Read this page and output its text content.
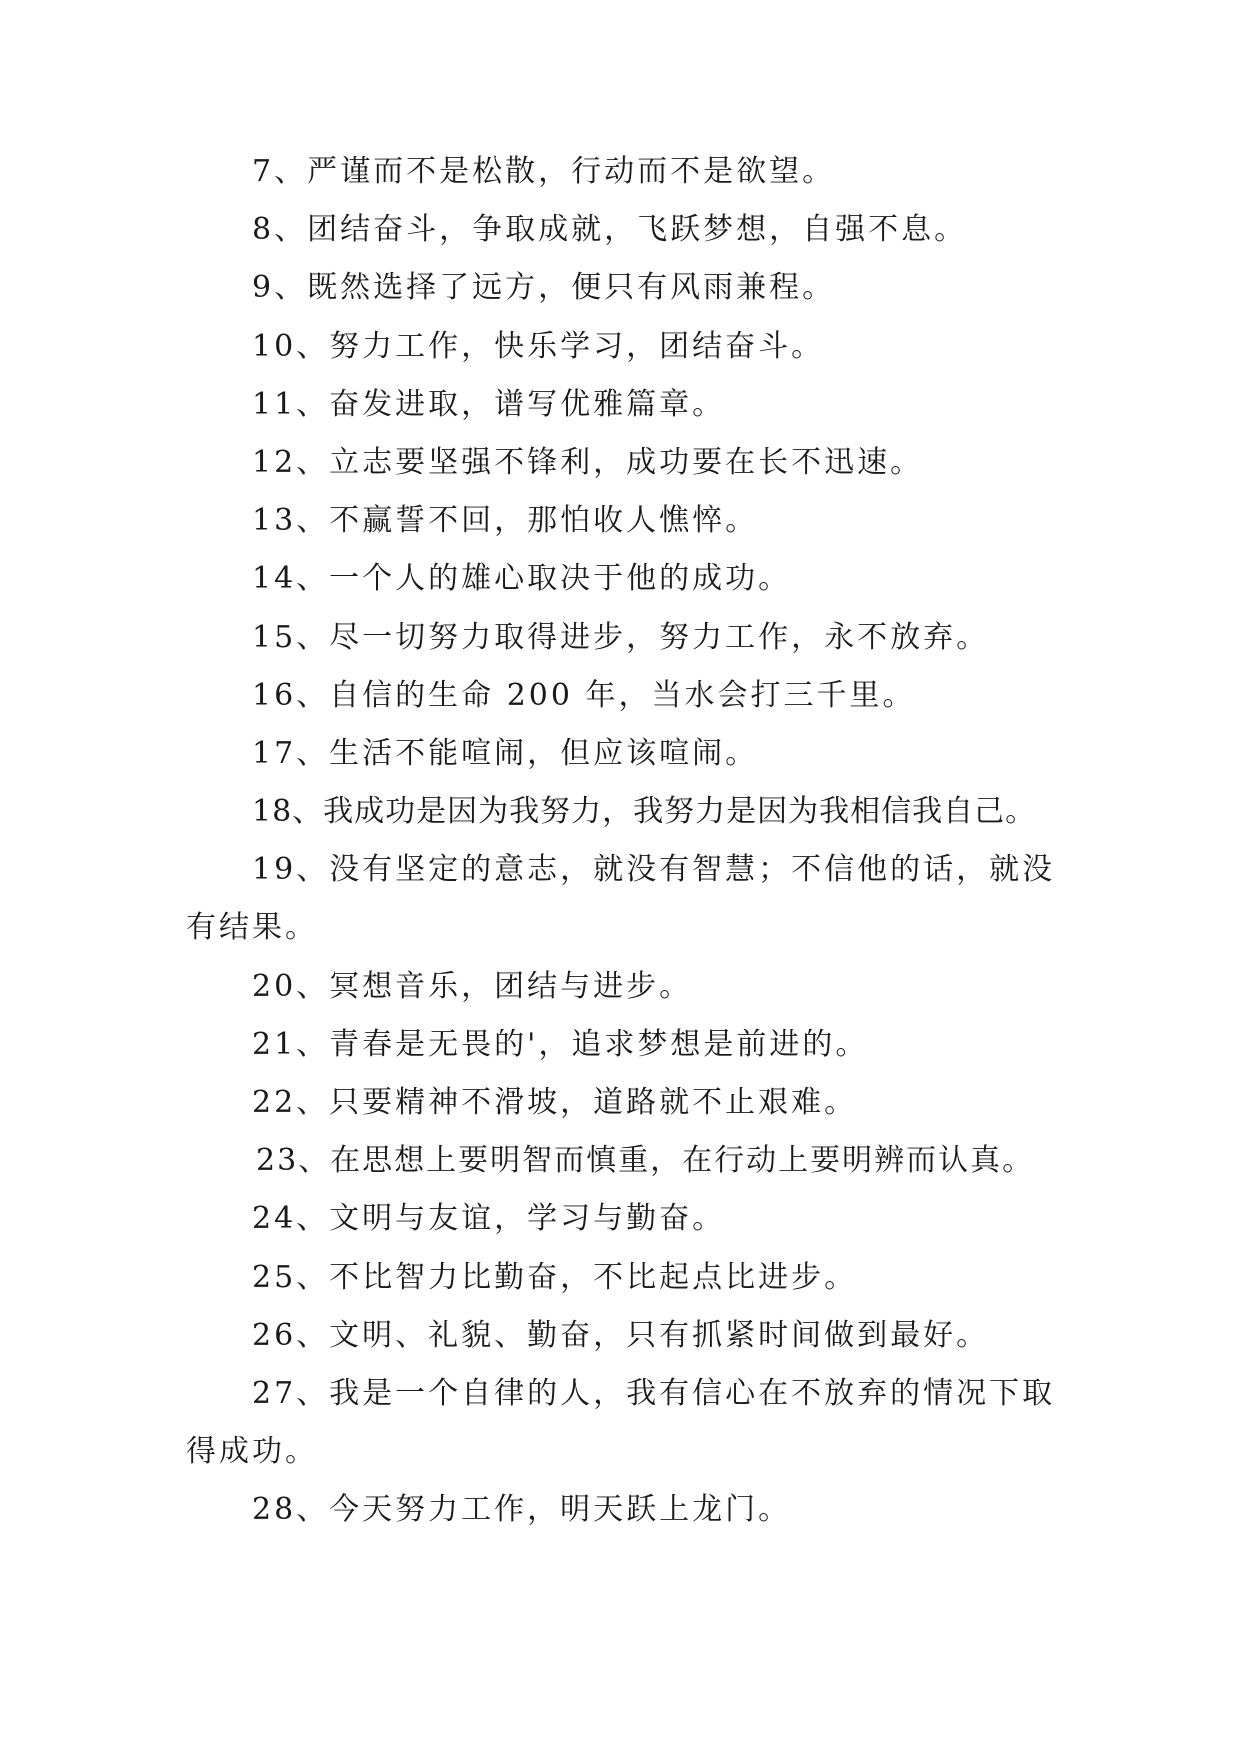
7、严谨而不是松散，行动而不是欲望。
8、团结奋斗，争取成就，飞跃梦想，自强不息。
9、既然选择了远方，便只有风雨兼程。
10、努力工作，快乐学习，团结奋斗。
11、奋发进取，谱写优雅篇章。
12、立志要坚强不锋利，成功要在长不迅速。
13、不赢誓不回，那怕收人憔悴。
14、一个人的雄心取决于他的成功。
15、尽一切努力取得进步，努力工作，永不放弃。
16、自信的生命 200 年，当水会打三千里。
17、生活不能喧闹，但应该喧闹。
18、我成功是因为我努力，我努力是因为我相信我自己。
19、没有坚定的意志，就没有智慧；不信他的话，就没
有结果。
20、冥想音乐，团结与进步。
21、青春是无畏的'，追求梦想是前进的。
22、只要精神不滑坡，道路就不止艰难。
23、在思想上要明智而慎重，在行动上要明辨而认真。
24、文明与友谊，学习与勤奋。
25、不比智力比勤奋，不比起点比进步。
26、文明、礼貌、勤奋，只有抓紧时间做到最好。
27、我是一个自律的人，我有信心在不放弃的情况下取
得成功。
28、今天努力工作，明天跃上龙门。
